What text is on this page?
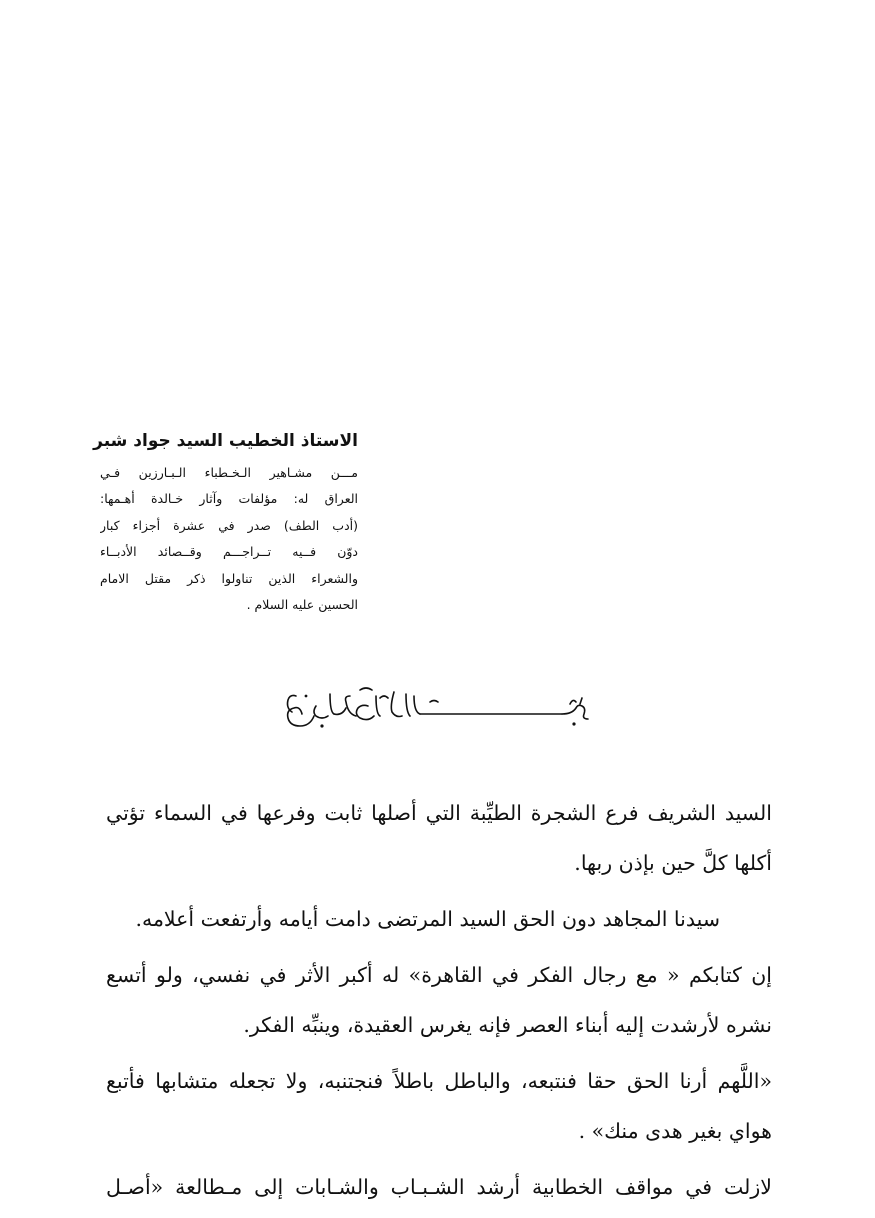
الاستاذ الخطيب السيد جواد شبر
مـــن مشـاهير الـخـطباء الـبـارزين فـي
العراق له: مؤلفات وآثار خـالدة أهـمها:
(أدب الطف) صدر في عشرة أجزاء كبار
دوّن فــيه تــراجـــم وقــصائد الأدبــاء
والشعراء الذين تناولوا ذكر مقتل الامام
الحسين عليه السلام .
السيد الشريف فرع الشجرة الطيِّبة التي أصلها ثابت وفرعها في السماء تؤتي
أكلها كلَّ حين بإذن ربها.
سيدنا المجاهد دون الحق السيد المرتضى دامت أيامه وأرتفعت أعلامه.
إن كتابكم « مع رجال الفكر في القاهرة» له أكبر الأثر في نفسي، ولو أتسع
نشره لأرشدت إليه أبناء العصر فإنه يغرس العقيدة، وينبِّه الفكر.
«اللَّهم أرنا الحق حقا فنتبعه، والباطل باطلاً فنجتنبه، ولا تجعله متشابها فأتبع
هواي بغير هدى منك» .
لازلت في مواقف الخطابية أرشد الشـبـاب والشـابات إلى مـطالعة «أصـل
